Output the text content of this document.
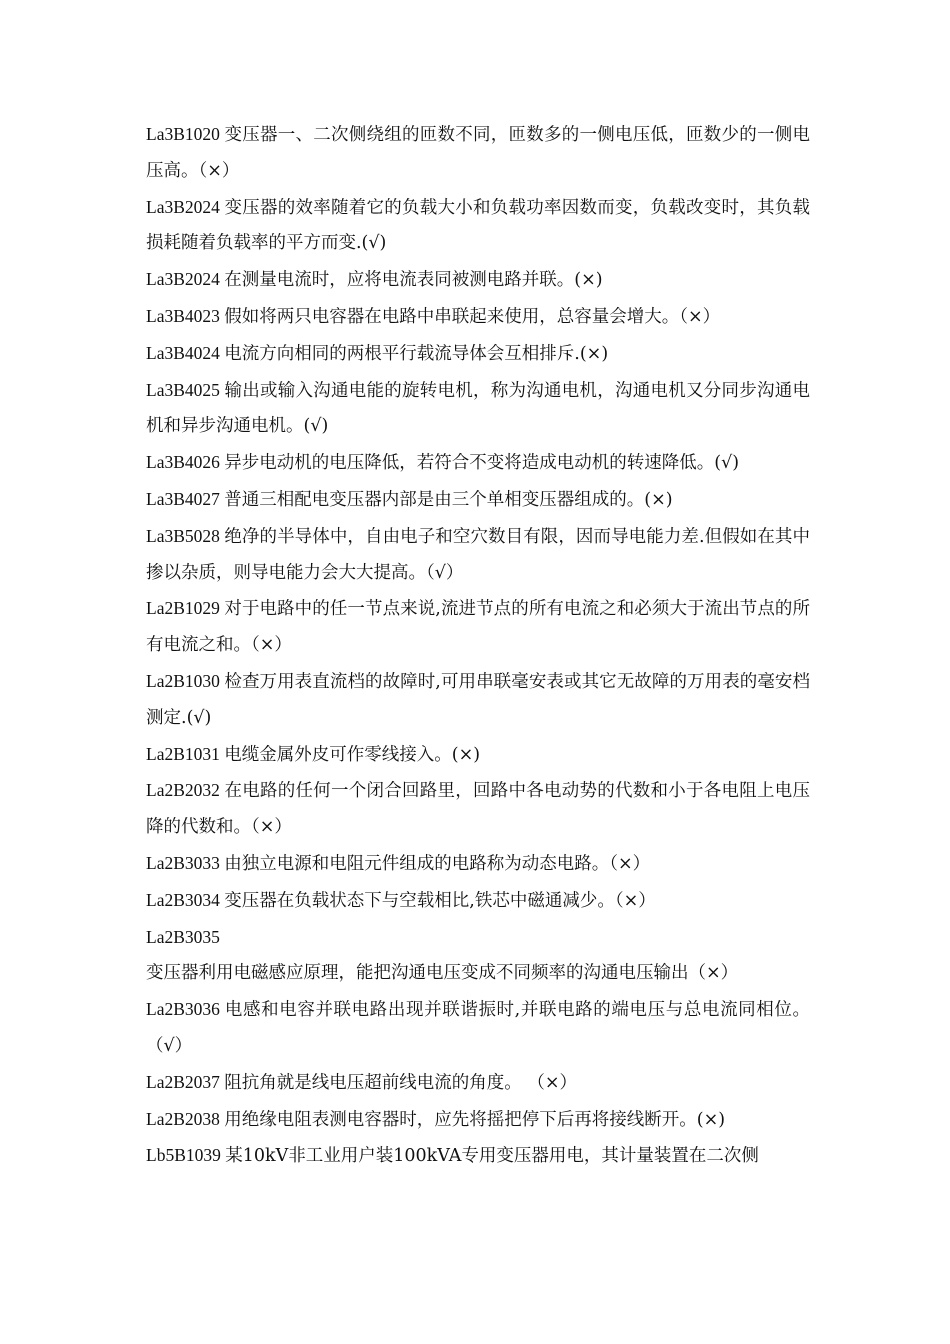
La3B1020 变压器一、二次侧绕组的匝数不同，匝数多的一侧电压低，匝数少的一侧电压高。（×）

La3B2024 变压器的效率随着它的负载大小和负载功率因数而变，负载改变时，其负载损耗随着负载率的平方而变.(√)

La3B2024 在测量电流时，应将电流表同被测电路并联。(×)

La3B4023 假如将两只电容器在电路中串联起来使用，总容量会增大。（×）

La3B4024 电流方向相同的两根平行载流导体会互相排斥.(×)

La3B4025 输出或输入沟通电能的旋转电机，称为沟通电机，沟通电机又分同步沟通电机和异步沟通电机。(√)

La3B4026 异步电动机的电压降低，若符合不变将造成电动机的转速降低。(√)

La3B4027 普通三相配电变压器内部是由三个单相变压器组成的。(×)

La3B5028 绝净的半导体中，自由电子和空穴数目有限，因而导电能力差.但假如在其中掺以杂质，则导电能力会大大提高。（√）

La2B1029 对于电路中的任一节点来说,流进节点的所有电流之和必须大于流出节点的所有电流之和。（×）

La2B1030 检查万用表直流档的故障时,可用串联毫安表或其它无故障的万用表的毫安档测定.(√)

La2B1031 电缆金属外皮可作零线接入。(×)

La2B2032 在电路的任何一个闭合回路里，回路中各电动势的代数和小于各电阻上电压降的代数和。（×）

La2B3033 由独立电源和电阻元件组成的电路称为动态电路。（×）

La2B3034 变压器在负载状态下与空载相比,铁芯中磁通减少。（×）

La2B3035变压器利用电磁感应原理，能把沟通电压变成不同频率的沟通电压输出（×）

La2B3036 电感和电容并联电路出现并联谐振时,并联电路的端电压与总电流同相位。（√）

La2B2037 阻抗角就是线电压超前线电流的角度。 （×）

La2B2038 用绝缘电阻表测电容器时，应先将摇把停下后再将接线断开。(×)

Lb5B1039 某10kV非工业用户装100kVA专用变压器用电，其计量装置在二次侧
